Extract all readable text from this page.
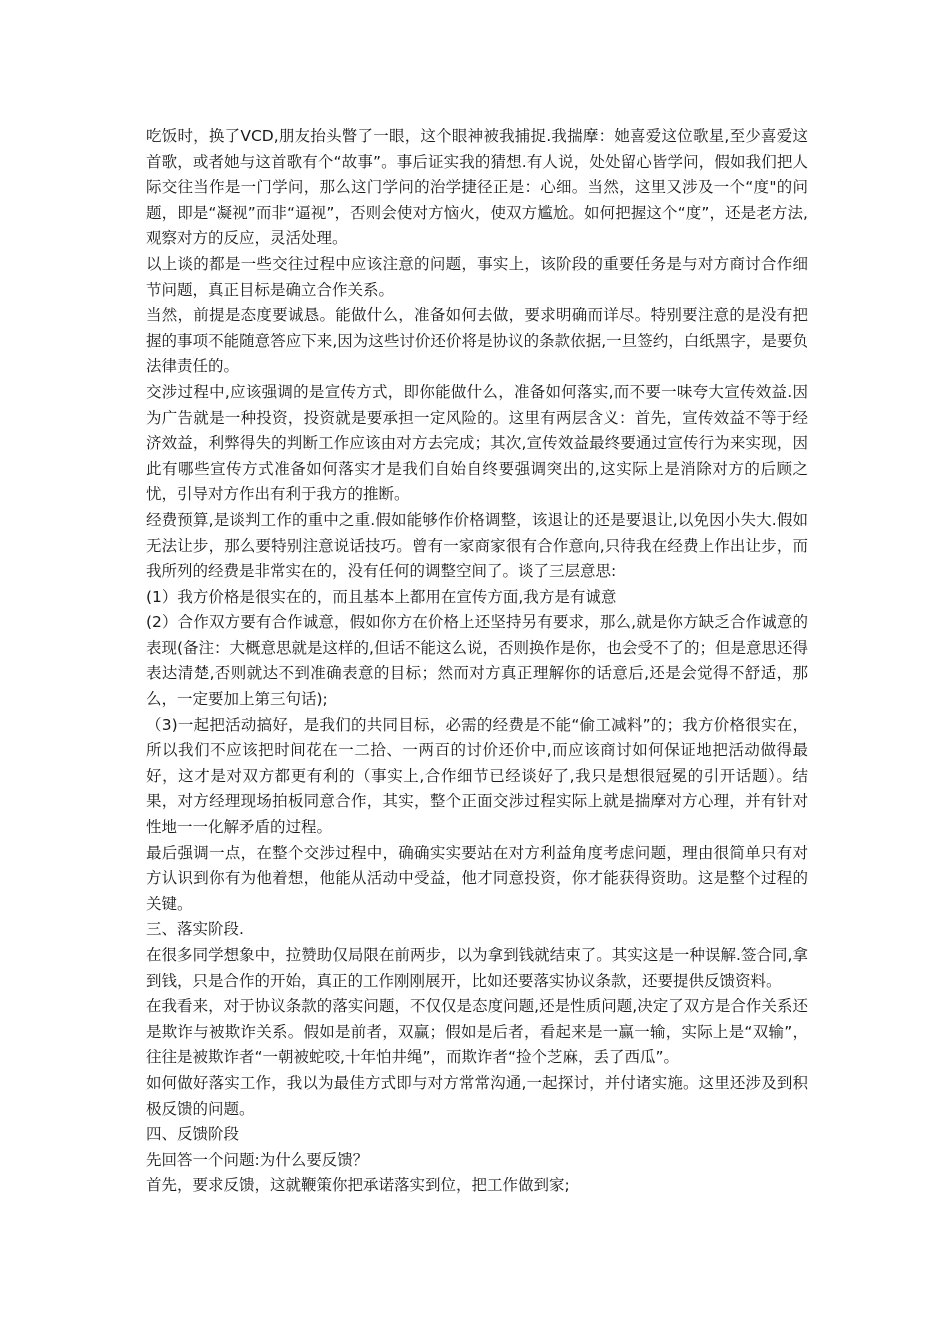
吃饭时，换了VCD,朋友抬头瞥了一眼，这个眼神被我捕捉.我揣摩：她喜爱这位歌星,至少喜爱这首歌，或者她与这首歌有个“故事”。事后证实我的猜想.有人说，处处留心皆学问，假如我们把人际交往当作是一门学问，那么这门学问的治学捷径正是：心细。当然，这里又涉及一个“度"的问题，即是“凝视”而非“逼视”，否则会使对方恼火，使双方尴尬。如何把握这个“度”，还是老方法,观察对方的反应，灵活处理。

以上谈的都是一些交往过程中应该注意的问题，事实上，该阶段的重要任务是与对方商讨合作细节问题，真正目标是确立合作关系。

当然，前提是态度要诚恳。能做什么，准备如何去做，要求明确而详尽。特别要注意的是没有把握的事项不能随意答应下来,因为这些讨价还价将是协议的条款依据,一旦签约，白纸黑字，是要负法律责任的。

交涉过程中,应该强调的是宣传方式，即你能做什么，准备如何落实,而不要一味夸大宣传效益.因为广告就是一种投资，投资就是要承担一定风险的。这里有两层含义：首先，宣传效益不等于经济效益，利弊得失的判断工作应该由对方去完成；其次,宣传效益最终要通过宣传行为来实现，因此有哪些宣传方式准备如何落实才是我们自始自终要强调突出的,这实际上是消除对方的后顾之忧，引导对方作出有利于我方的推断。

经费预算,是谈判工作的重中之重.假如能够作价格调整，该退让的还是要退让,以免因小失大.假如无法让步，那么要特别注意说话技巧。曾有一家商家很有合作意向,只待我在经费上作出让步，而我所列的经费是非常实在的，没有任何的调整空间了。谈了三层意思:

(1）我方价格是很实在的，而且基本上都用在宣传方面,我方是有诚意

(2）合作双方要有合作诚意，假如你方在价格上还坚持另有要求，那么,就是你方缺乏合作诚意的表现(备注：大概意思就是这样的,但话不能这么说，否则换作是你，也会受不了的；但是意思还得表达清楚,否则就达不到准确表意的目标；然而对方真正理解你的话意后,还是会觉得不舒适，那么，一定要加上第三句话);

（3)一起把活动搞好，是我们的共同目标，必需的经费是不能“偷工减料”的；我方价格很实在，所以我们不应该把时间花在一二拾、一两百的讨价还价中,而应该商讨如何保证地把活动做得最好，这才是对双方都更有利的（事实上,合作细节已经谈好了,我只是想很冠冕的引开话题）。结果，对方经理现场拍板同意合作，其实，整个正面交涉过程实际上就是揣摩对方心理，并有针对性地一一化解矛盾的过程。

最后强调一点，在整个交涉过程中，确确实实要站在对方利益角度考虑问题，理由很简单只有对方认识到你有为他着想，他能从活动中受益，他才同意投资，你才能获得资助。这是整个过程的关键。

三、落实阶段.

在很多同学想象中，拉赞助仅局限在前两步，以为拿到钱就结束了。其实这是一种误解.签合同,拿到钱，只是合作的开始，真正的工作刚刚展开，比如还要落实协议条款，还要提供反馈资料。

在我看来，对于协议条款的落实问题，不仅仅是态度问题,还是性质问题,决定了双方是合作关系还是欺诈与被欺诈关系。假如是前者，双赢；假如是后者，看起来是一赢一输，实际上是“双输”，往往是被欺诈者“一朝被蛇咬,十年怕井绳”，而欺诈者“捡个芝麻，丢了西瓜”。

如何做好落实工作，我以为最佳方式即与对方常常沟通,一起探讨，并付诸实施。这里还涉及到积极反馈的问题。

四、反馈阶段

先回答一个问题:为什么要反馈？

首先，要求反馈，这就鞭策你把承诺落实到位，把工作做到家;
